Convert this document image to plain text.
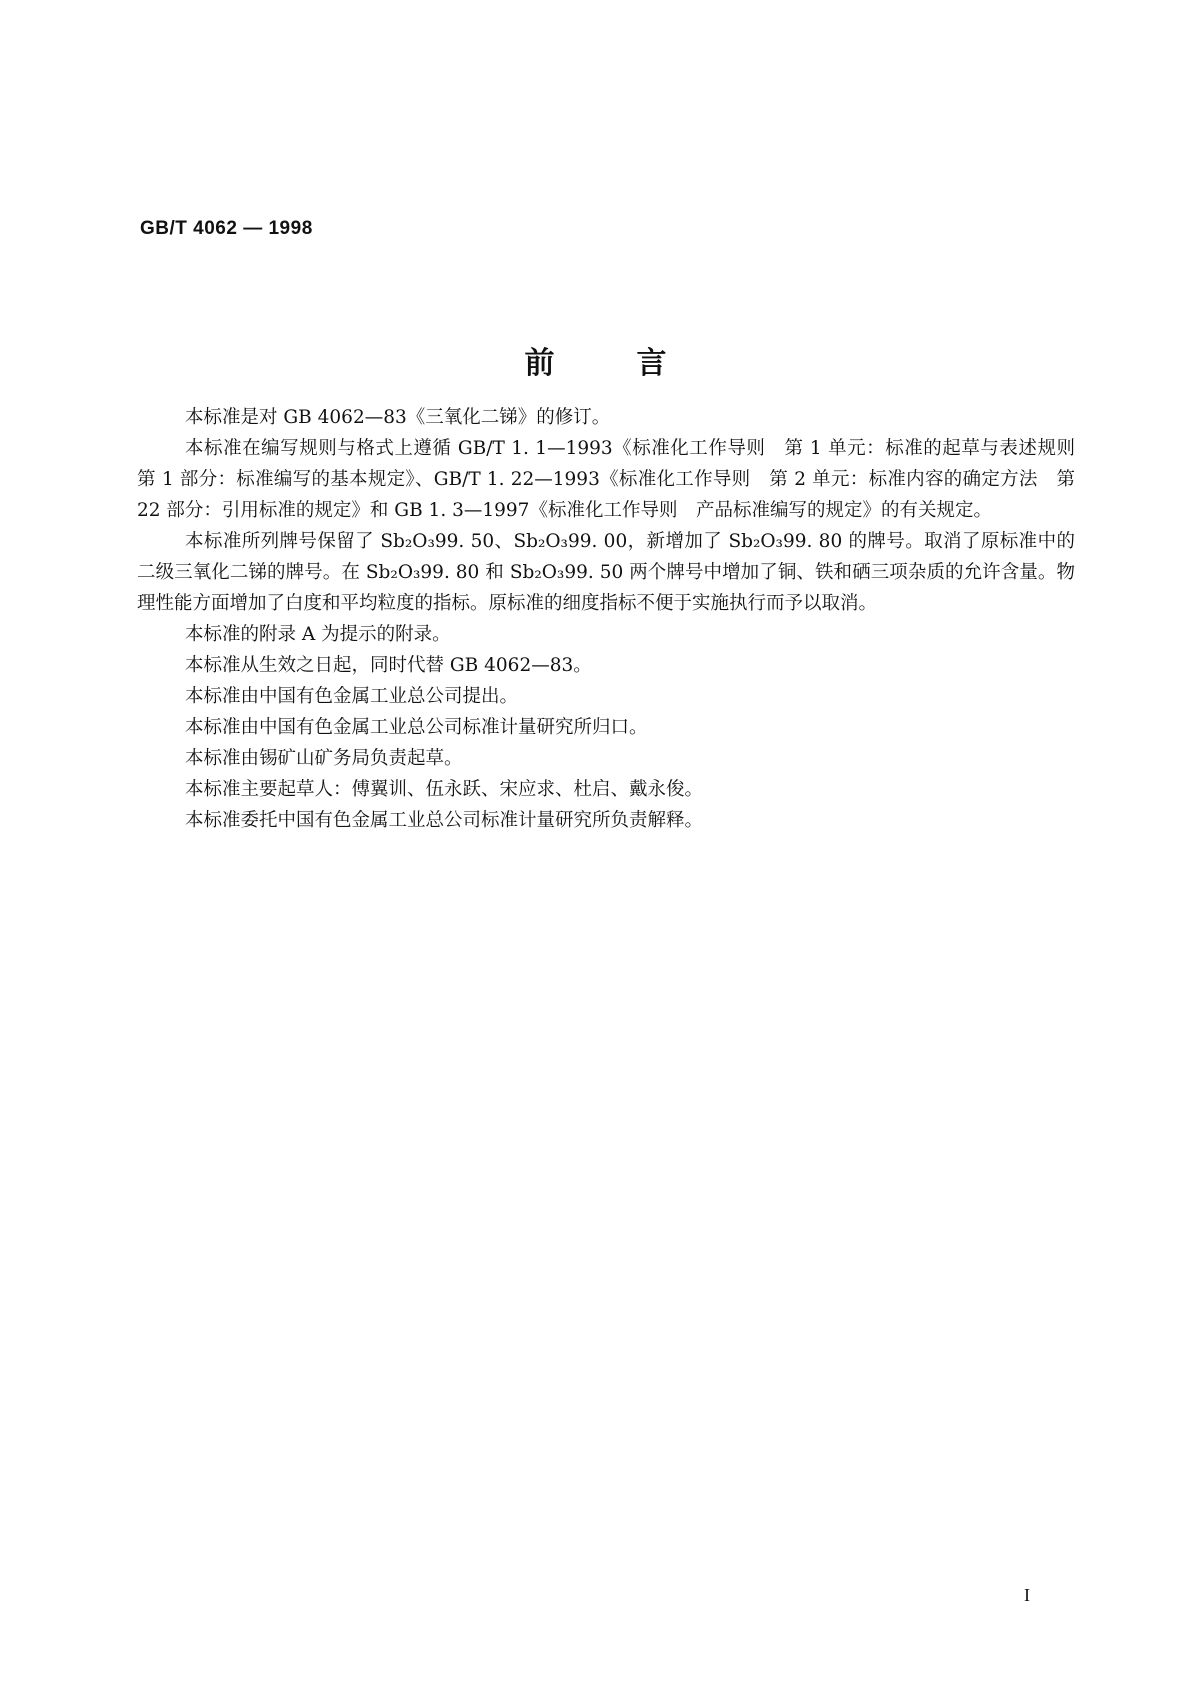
GB/T 4062 — 1998
前言

本标准是对 GB 4062—83《三氧化二锑》的修订。

本标准在编写规则与格式上遵循 GB/T 1. 1—1993《标准化工作导则　第 1 单元：标准的起草与表述规则　第 1 部分：标准编写的基本规定》、GB/T 1. 22—1993《标准化工作导则　第 2 单元：标准内容的确定方法　第 22 部分：引用标准的规定》和 GB 1. 3—1997《标准化工作导则　产品标准编写的规定》的有关规定。

本标准所列牌号保留了 Sb₂O₃99. 50、Sb₂O₃99. 00，新增加了 Sb₂O₃99. 80 的牌号。取消了原标准中的二级三氧化二锑的牌号。在 Sb₂O₃99. 80 和 Sb₂O₃99. 50 两个牌号中增加了铜、铁和硒三项杂质的允许含量。物理性能方面增加了白度和平均粒度的指标。原标准的细度指标不便于实施执行而予以取消。

本标准的附录 A 为提示的附录。

本标准从生效之日起，同时代替 GB 4062—83。

本标准由中国有色金属工业总公司提出。

本标准由中国有色金属工业总公司标准计量研究所归口。

本标准由锡矿山矿务局负责起草。

本标准主要起草人：傅翼训、伍永跃、宋应求、杜启、戴永俊。

本标准委托中国有色金属工业总公司标准计量研究所负责解释。

I
